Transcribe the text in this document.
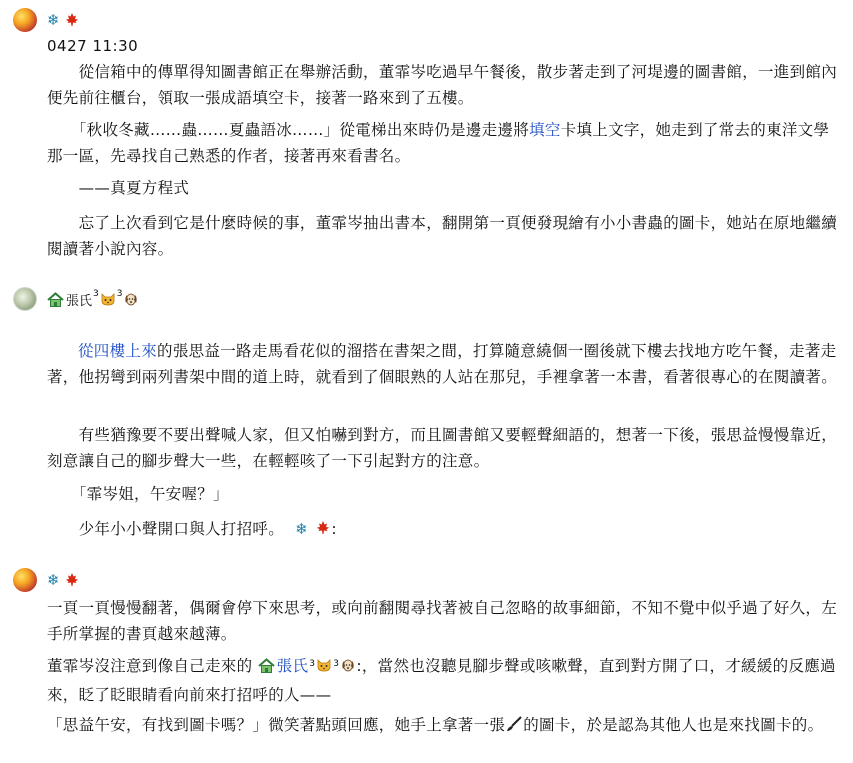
❄
0427 11:30

　　從信箱中的傳單得知圖書館正在舉辦活動，董霏岑吃過早午餐後，散步著走到了河堤邊的圖書館，一進到館內便先前往櫃台，領取一張成語填空卡，接著一路來到了五樓。

　　「秋收冬藏……蟲……夏蟲語冰……」從電梯出來時仍是邊走邊將填空卡填上文字，她走到了常去的東洋文學那一區，先尋找自己熟悉的作者，接著再來看書名。

　　——真夏方程式

　　忘了上次看到它是什麼時候的事，董霏岑抽出書本，翻開第一頁便發現繪有小小書蟲的圖卡，她站在原地繼續閱讀著小說內容。

張氏 3 3

從四樓上來的張思益一路走馬看花似的溜搭在書架之間，打算隨意繞個一圈後就下樓去找地方吃午餐，走著走著，他拐彎到兩列書架中間的道上時，就看到了個眼熟的人站在那兒，手裡拿著一本書，看著很專心的在閱讀著。

　　有些猶豫要不要出聲喊人家，但又怕嚇到對方，而且圖書館又要輕聲細語的，想著一下後，張思益慢慢靠近，刻意讓自己的腳步聲大一些，在輕輕咳了一下引起對方的注意。

　　「霏岑姐，午安喔？」

　　少年小小聲開口與人打招呼。 ❄ :

❄

一頁一頁慢慢翻著，偶爾會停下來思考，或向前翻閱尋找著被自己忽略的故事細節，不知不覺中似乎過了好久，左手所掌握的書頁越來越薄。

董霏岑沒注意到像自己走來的 張氏$^3$ $^3$ :，當然也沒聽見腳步聲或咳嗽聲，直到對方開了口，才緩緩的反應過來，眨了眨眼睛看向前來打招呼的人——

「思益午安，有找到圖卡嗎？」微笑著點頭回應，她手上拿著一張 的圖卡，於是認為其他人也是來找圖卡的。
